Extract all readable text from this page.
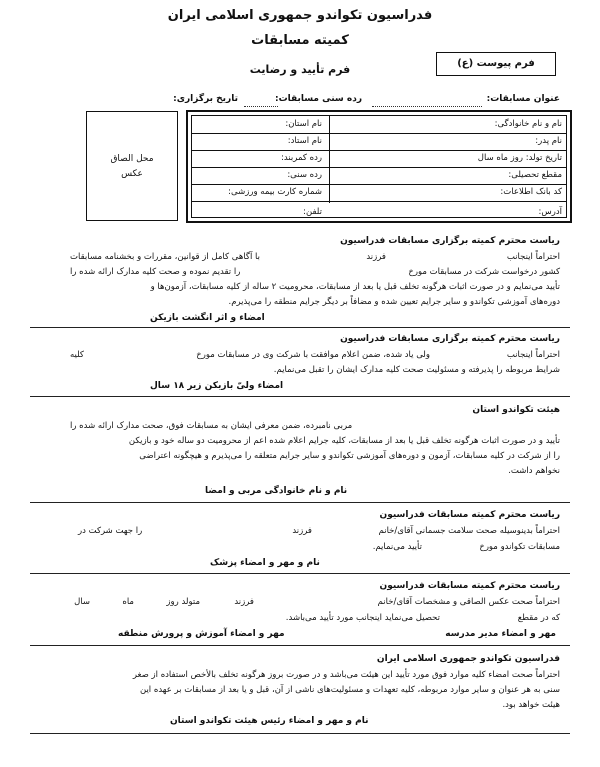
فدراسیون تکواندو جمهوری اسلامی ایران
کمیته مسابقات
فرم تأیید و رضایت	فرم پیوست (ع)
عنوان مسابقات:
رده سنی مسابقات:
تاریخ برگزاری:
نام و نام خانوادگی:
نام پدر:
تاریخ تولد: روز ماه سال
مقطع تحصیلی:
کد بانک اطلاعات:
آدرس:
نام استان:
نام استاد:
رده کمربند:
رده سنی:
شماره کارت بیمه ورزشی:
تلفن:
محل الصاق
عکس
ریاست محترم کمیته برگزاری مسابقات فدراسیون
احتراماً اینجانب
فرزند
با آگاهی کامل از قوانین، مقررات و بخشنامه مسابقات
کشور درخواست شرکت در مسابقات مورخ
را تقدیم نموده و صحت کلیه مدارک ارائه شده را
تأیید می‌نمایم و در صورت اثبات هرگونه تخلف قبل یا بعد از مسابقات، محرومیت ۲ ساله از کلیه مسابقات، آزمون‌ها و
دوره‌های آموزشی تکواندو و سایر جرایم تعیین شده و مضافاً بر دیگر جرایم منطقه را می‌پذیرم.
امضاء و اثر انگشت بازیکن
ریاست محترم کمیته برگزاری مسابقات فدراسیون
احتراماً اینجانب
ولی یاد شده، ضمن اعلام موافقت با شرکت وی در مسابقات مورخ
کلیه
شرایط مربوطه را پذیرفته و مسئولیت صحت کلیه مدارک ایشان را تقبل می‌نمایم.
امضاء ولیّ بازیکن زیر ۱۸ سال
هیئت تکواندو استان
مربی نامبرده، ضمن معرفی ایشان به مسابقات فوق، صحت مدارک ارائه شده را
تأیید و در صورت اثبات هرگونه تخلف قبل یا بعد از مسابقات، کلیه جرایم اعلام شده اعم از محرومیت دو ساله خود و بازیکن
را از شرکت در کلیه مسابقات، آزمون و دوره‌های آموزشی تکواندو و سایر جرایم متعلقه را می‌پذیرم و هیچگونه اعتراضی
نخواهم داشت.
نام و نام خانوادگی مربی و امضا
ریاست محترم کمیته مسابقات فدراسیون
احتراماً بدینوسیله صحت سلامت جسمانی آقای/خانم
فرزند
را جهت شرکت در
مسابقات تکواندو مورخ
تأیید می‌نمایم.
نام و مهر و امضاء پزشک
ریاست محترم کمیته مسابقات فدراسیون
احتراماً صحت عکس الصاقی و مشخصات آقای/خانم
فرزند
متولد روز
ماه
سال
که در مقطع
تحصیل می‌نماید اینجانب مورد تأیید می‌باشد.
مهر و امضاء مدیر مدرسه
مهر و امضاء آموزش و پرورش منطقه
فدراسیون تکواندو جمهوری اسلامی ایران
احتراماً صحت امضاء کلیه موارد فوق مورد تأیید این هیئت می‌باشد و در صورت بروز هرگونه تخلف بالأخص استفاده از صغر
سنی به هر عنوان و سایر موارد مربوطه، کلیه تعهدات و مسئولیت‌های ناشی از آن، قبل و یا بعد از مسابقات بر عهده این
هیئت خواهد بود.
نام و مهر و امضاء رئیس هیئت تکواندو استان
